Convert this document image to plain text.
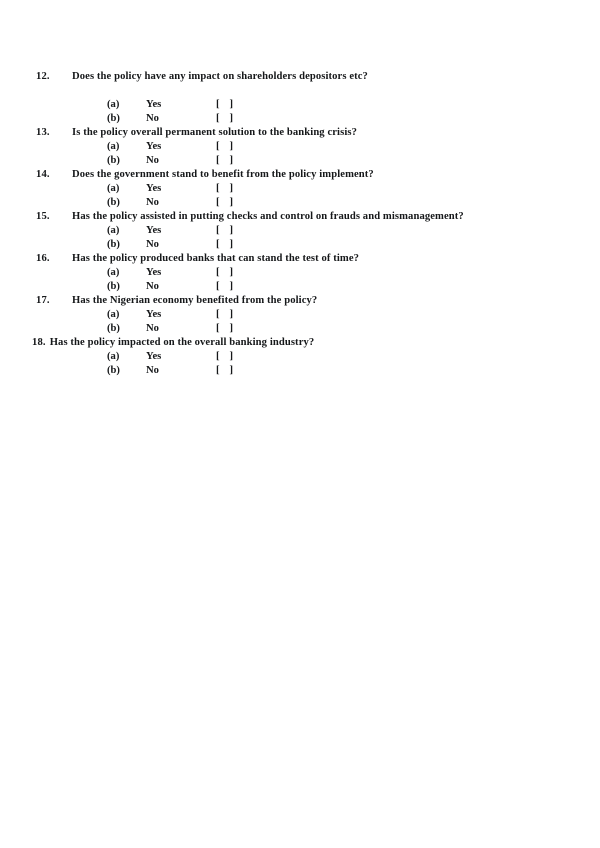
12.	Does the policy have any impact on shareholders depositors etc?
(a)	Yes	[   ]
(b)	No	[   ]
13.	Is the policy overall permanent solution to the banking crisis?
(a)	Yes	[   ]
(b)	No	[   ]
14.	Does the government stand to benefit from the policy implement?
(a)	Yes	[   ]
(b)	No	[   ]
15.	Has the policy assisted in putting checks and control on frauds and mismanagement?
(a)	Yes	[   ]
(b)	No	[   ]
16.	Has the policy produced banks that can stand the test of time?
(a)	Yes	[   ]
(b)	No	[   ]
17.	Has the Nigerian economy benefited from the policy?
(a)	Yes	[   ]
(b)	No	[   ]
18. Has the policy impacted on the overall banking industry?
(a)	Yes	[   ]
(b)	No	[   ]
